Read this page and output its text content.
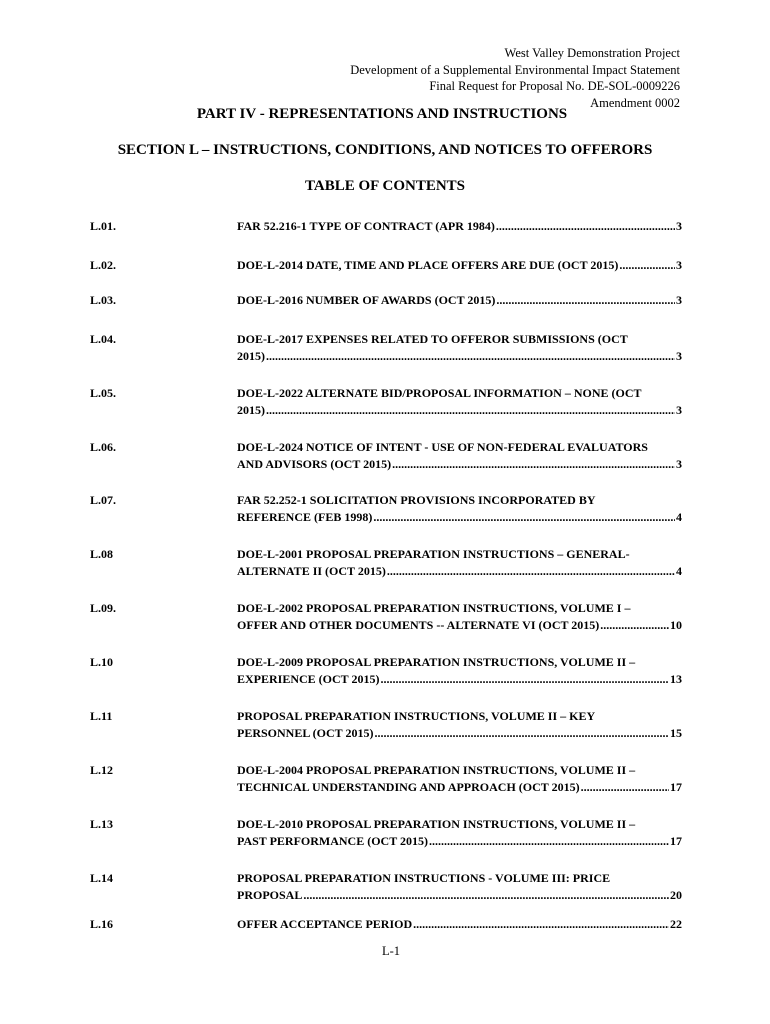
West Valley Demonstration Project
Development of a Supplemental Environmental Impact Statement
Final Request for Proposal No. DE-SOL-0009226
Amendment 0002
PART IV - REPRESENTATIONS AND INSTRUCTIONS
SECTION L – INSTRUCTIONS, CONDITIONS, AND NOTICES TO OFFERORS
TABLE OF CONTENTS
L.01.	FAR 52.216-1 TYPE OF CONTRACT (APR 1984) .....	3
L.02.	DOE-L-2014 DATE, TIME AND PLACE OFFERS ARE DUE (OCT 2015) .....	3
L.03.	DOE-L-2016 NUMBER OF AWARDS (OCT 2015) .....	3
L.04.	DOE-L-2017 EXPENSES RELATED TO OFFEROR SUBMISSIONS (OCT
2015) .....	3
L.05.	DOE-L-2022 ALTERNATE BID/PROPOSAL INFORMATION – NONE (OCT
2015) .....	3
L.06.	DOE-L-2024 NOTICE OF INTENT - USE OF NON-FEDERAL EVALUATORS
AND ADVISORS (OCT 2015) .....	3
L.07.	FAR 52.252-1 SOLICITATION PROVISIONS INCORPORATED BY
REFERENCE (FEB 1998) .....	4
L.08	DOE-L-2001 PROPOSAL PREPARATION INSTRUCTIONS – GENERAL-
ALTERNATE II (OCT 2015) .....	4
L.09.	DOE-L-2002 PROPOSAL PREPARATION INSTRUCTIONS, VOLUME I –
OFFER AND OTHER DOCUMENTS -- ALTERNATE VI (OCT 2015) .....	10
L.10	DOE-L-2009 PROPOSAL PREPARATION INSTRUCTIONS, VOLUME II –
EXPERIENCE (OCT 2015) .....	13
L.11	PROPOSAL PREPARATION INSTRUCTIONS, VOLUME II – KEY
PERSONNEL (OCT 2015) .....	15
L.12	DOE-L-2004 PROPOSAL PREPARATION INSTRUCTIONS, VOLUME II –
TECHNICAL UNDERSTANDING AND APPROACH (OCT 2015) .....	17
L.13	DOE-L-2010 PROPOSAL PREPARATION INSTRUCTIONS, VOLUME II –
PAST PERFORMANCE (OCT 2015) .....	17
L.14	PROPOSAL PREPARATION INSTRUCTIONS - VOLUME III: PRICE
PROPOSAL .....	20
L.16	OFFER ACCEPTANCE PERIOD .....	22
L-1
